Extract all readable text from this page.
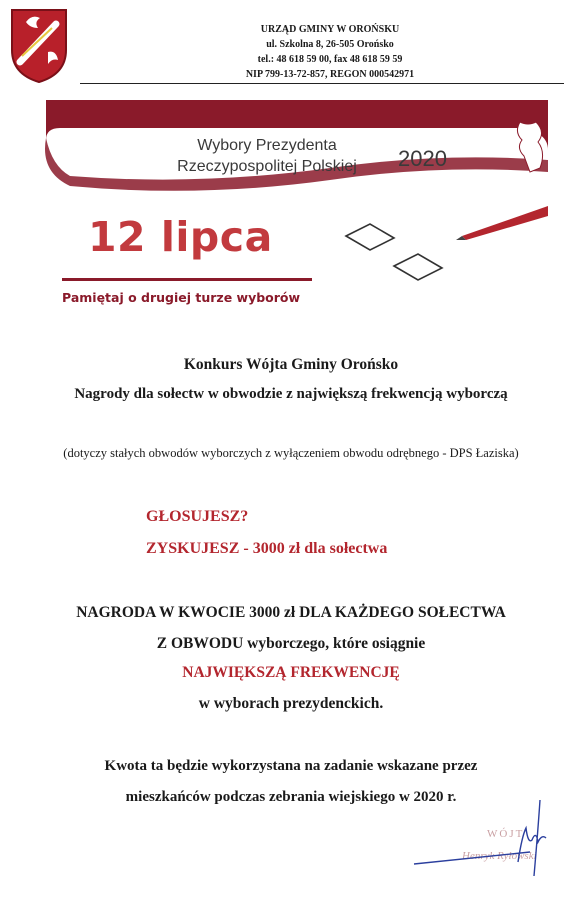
URZĄD GMINY W OROŃSKU
ul. Szkolna 8, 26-505 Orońsko
tel.: 48 618 59 00, fax 48 618 59 59
NIP 799-13-72-857, REGON 000542971
Wybory Prezydenta
Rzeczypospolitej Polskiej	2020
12 lipca
Pamiętaj o drugiej turze wyborów
Konkurs Wójta Gminy Orońsko
Nagrody dla sołectw w obwodzie z największą frekwencją wyborczą
(dotyczy stałych obwodów wyborczych z wyłączeniem obwodu odrębnego - DPS Łaziska)
GŁOSUJESZ?
ZYSKUJESZ - 3000 zł dla sołectwa
NAGRODA W KWOCIE 3000 zł DLA KAŻDEGO SOŁECTWA
Z OBWODU wyborczego, które osiągnie
NAJWIĘKSZĄ FREKWENCJĘ
w wyborach prezydenckich.
Kwota ta będzie wykorzystana na zadanie wskazane przez
mieszkańców podczas zebrania wiejskiego w 2020 r.
WÓJT
Henryk Ryłowski
